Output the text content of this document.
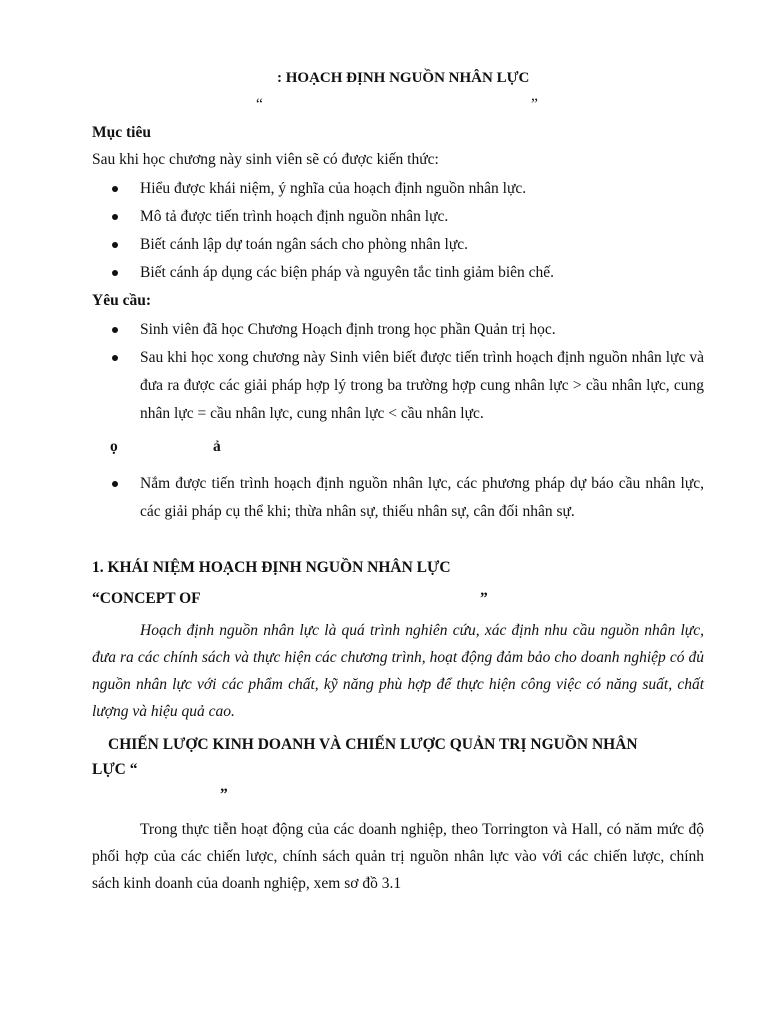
: HOẠCH ĐỊNH NGUỒN NHÂN LỰC
“	”
Mục tiêu
Sau khi học chương này sinh viên sẽ có được kiến thức:
Hiểu được khái niệm, ý nghĩa của hoạch định nguồn nhân lực.
Mô tả được tiến trình hoạch định nguồn nhân lực.
Biết cánh lập dự toán ngân sách cho phòng nhân lực.
Biết cánh áp dụng các biện pháp và nguyên tắc tinh giảm biên chế.
Yêu cầu:
Sinh viên đã học Chương Hoạch định trong học phần Quản trị học.
Sau khi học xong chương này Sinh viên biết được tiến trình hoạch định nguồn nhân lực và đưa ra được các giải pháp hợp lý trong ba trường hợp cung nhân lực > cầu nhân lực, cung nhân lực = cầu nhân lực, cung nhân lực < cầu nhân lực.
ọ	ả
Nắm được tiến trình hoạch định nguồn nhân lực, các phương pháp dự báo cầu nhân lực, các giải pháp cụ thể khi; thừa nhân sự, thiếu nhân sự, cân đối nhân sự.
1. KHÁI NIỆM HOẠCH ĐỊNH NGUỒN NHÂN LỰC
“CONCEPT OF	”
Hoạch định nguồn nhân lực là quá trình nghiên cứu, xác định nhu cầu nguồn nhân lực, đưa ra các chính sách và thực hiện các chương trình, hoạt động đảm bảo cho doanh nghiệp có đủ nguồn nhân lực với các phẩm chất, kỹ năng phù hợp để thực hiện công việc có năng suất, chất lượng và hiệu quả cao.
CHIẾN LƯỢC KINH DOANH VÀ CHIẾN LƯỢC QUẢN TRỊ NGUỒN NHÂN
LỰC “
”
Trong thực tiễn hoạt động của các doanh nghiệp, theo Torrington và Hall, có năm mức độ phối hợp của các chiến lược, chính sách quản trị nguồn nhân lực vào với các chiến lược, chính sách kinh doanh của doanh nghiệp, xem sơ đồ 3.1
